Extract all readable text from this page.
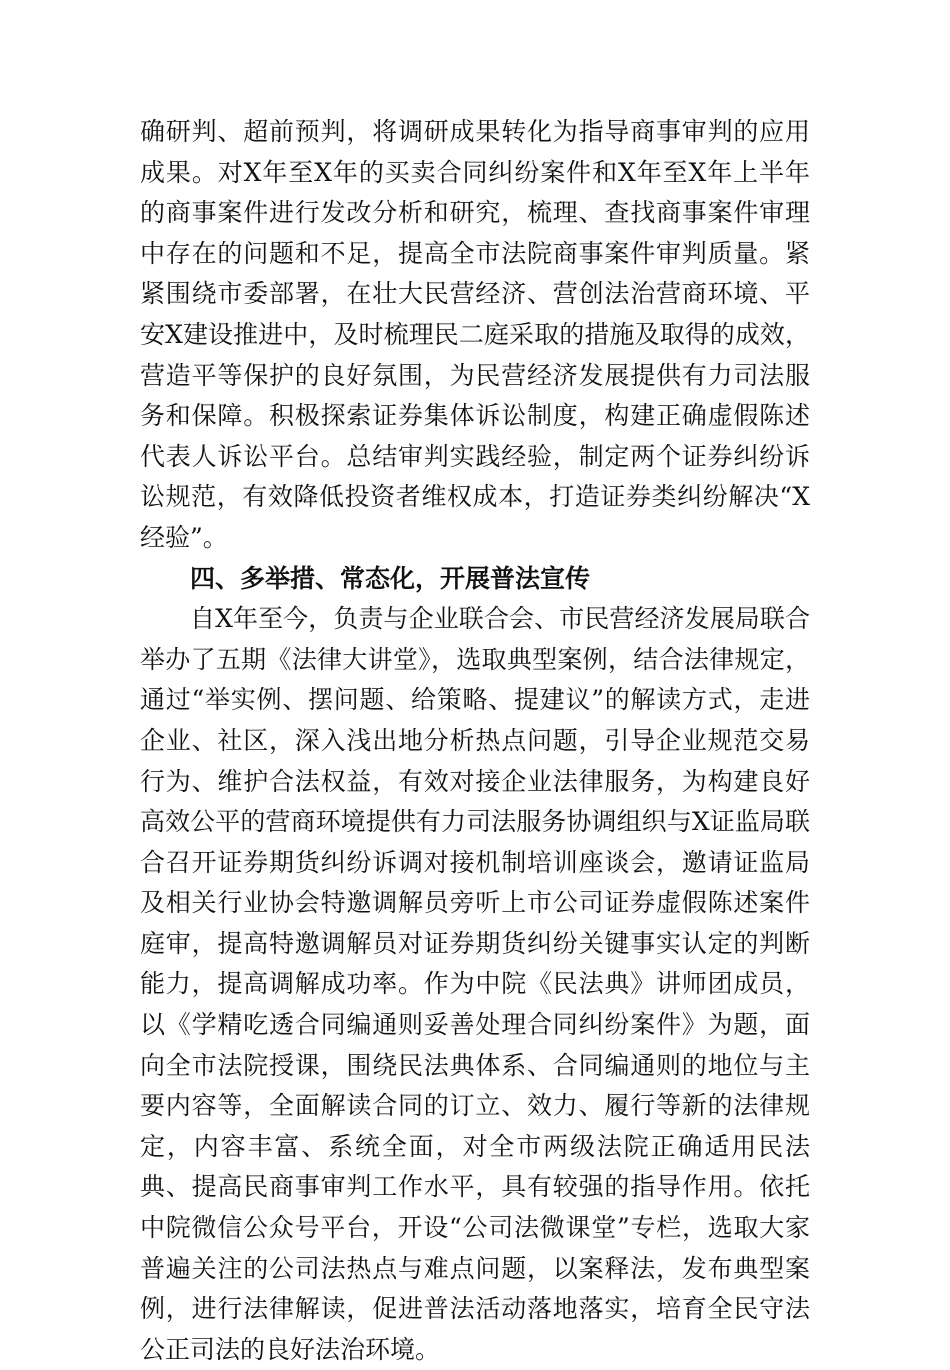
确研判、超前预判，将调研成果转化为指导商事审判的应用成果。对X年至X年的买卖合同纠纷案件和X年至X年上半年的商事案件进行发改分析和研究，梳理、查找商事案件审理中存在的问题和不足，提高全市法院商事案件审判质量。紧紧围绕市委部署，在壮大民营经济、营创法治营商环境、平安X建设推进中，及时梳理民二庭采取的措施及取得的成效，营造平等保护的良好氛围，为民营经济发展提供有力司法服务和保障。积极探索证券集体诉讼制度，构建正确虚假陈述代表人诉讼平台。总结审判实践经验，制定两个证券纠纷诉讼规范，有效降低投资者维权成本，打造证券类纠纷解决“X经验”。

四、多举措、常态化，开展普法宣传

自X年至今，负责与企业联合会、市民营经济发展局联合举办了五期《法律大讲堂》，选取典型案例，结合法律规定，通过“举实例、摆问题、给策略、提建议”的解读方式，走进企业、社区，深入浅出地分析热点问题，引导企业规范交易行为、维护合法权益，有效对接企业法律服务，为构建良好高效公平的营商环境提供有力司法服务协调组织与X证监局联合召开证券期货纠纷诉调对接机制培训座谈会，邀请证监局及相关行业协会特邀调解员旁听上市公司证券虚假陈述案件庭审，提高特邀调解员对证券期货纠纷关键事实认定的判断能力，提高调解成功率。作为中院《民法典》讲师团成员，以《学精吃透合同编通则妥善处理合同纠纷案件》为题，面向全市法院授课，围绕民法典体系、合同编通则的地位与主要内容等，全面解读合同的订立、效力、履行等新的法律规定，内容丰富、系统全面，对全市两级法院正确适用民法典、提高民商事审判工作水平，具有较强的指导作用。依托中院微信公众号平台，开设“公司法微课堂”专栏，选取大家普遍关注的公司法热点与难点问题，以案释法，发布典型案例，进行法律解读，促进普法活动落地落实，培育全民守法公正司法的良好法治环境。
